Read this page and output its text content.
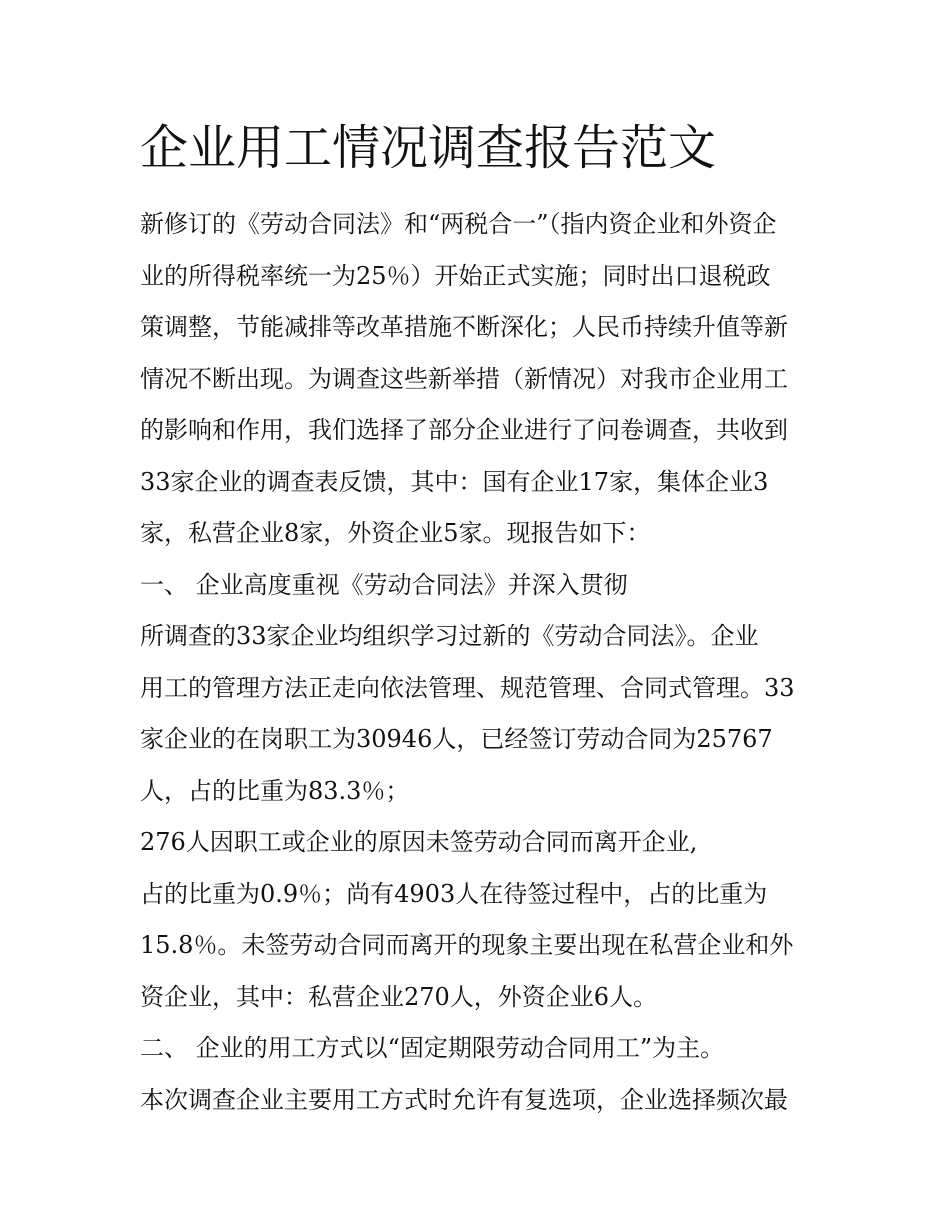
企业用工情况调查报告范文
新修订的《劳动合同法》和“两税合一”（指内资企业和外资企
业的所得税率统一为25％）开始正式实施；同时出口退税政
策调整，节能减排等改革措施不断深化；人民币持续升值等新
情况不断出现。为调查这些新举措（新情况）对我市企业用工
的影响和作用，我们选择了部分企业进行了问卷调查，共收到
33家企业的调查表反馈，其中：国有企业17家，集体企业3
家，私营企业8家，外资企业5家。现报告如下：
一、 企业高度重视《劳动合同法》并深入贯彻
所调查的33家企业均组织学习过新的《劳动合同法》。企业
用工的管理方法正走向依法管理、规范管理、合同式管理。33
家企业的在岗职工为30946人，已经签订劳动合同为25767
人，占的比重为83.3％；
276人因职工或企业的原因未签劳动合同而离开企业,
占的比重为0.9％；尚有4903人在待签过程中，占的比重为
15.8％。未签劳动合同而离开的现象主要出现在私营企业和外
资企业，其中：私营企业270人，外资企业6人。
二、 企业的用工方式以“固定期限劳动合同用工”为主。
本次调查企业主要用工方式时允许有复选项，企业选择频次最
